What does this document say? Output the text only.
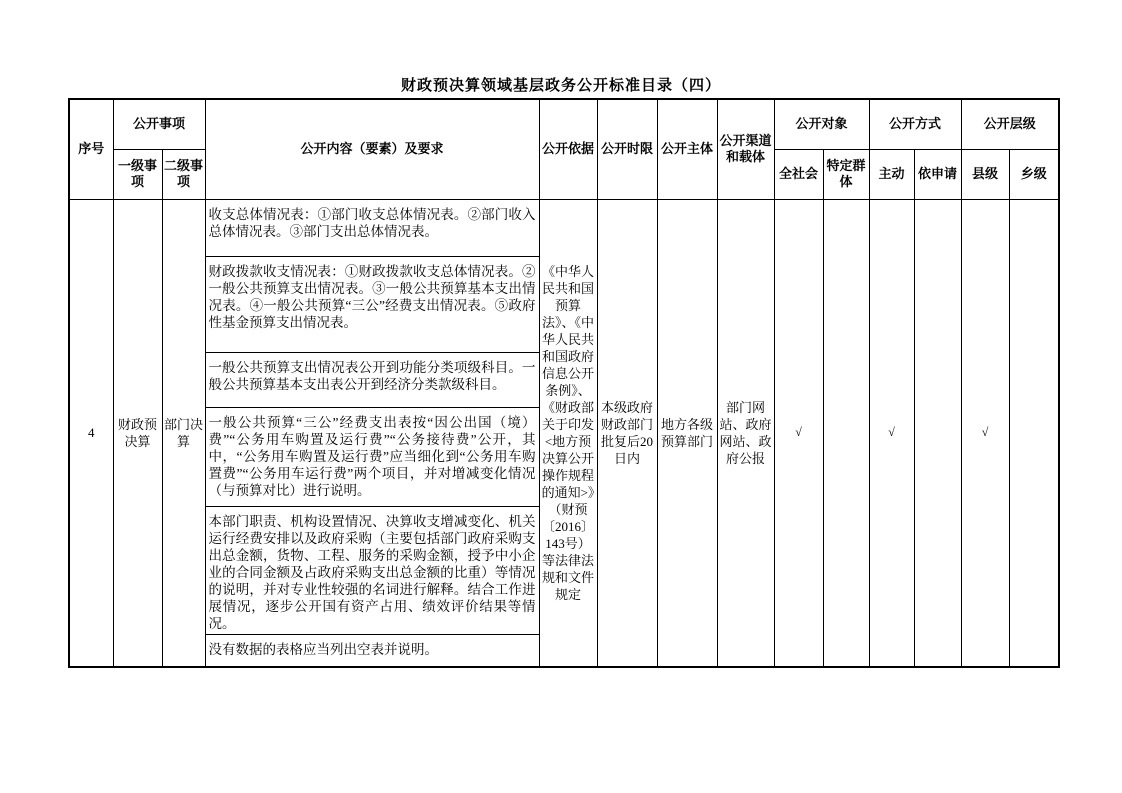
财政预决算领域基层政务公开标准目录（四）
序号	公开事项		公开内容（要素）及要求	公开依据	公开时限	公开主体	公开渠道和载体	公开对象		公开方式		公开层级	
	一级事项	二级事项						全社会	特定群体	主动	依申请	县级	乡级
4	财政预决算	部门决算	收支总体情况表：①部门收支总体情况表。②部门收入总体情况表。③部门支出总体情况表。	《中华人民共和国预算法》、《中华人民共和国政府信息公开条例》、《财政部关于印发<地方预决算公开操作规程的通知>》（财预〔2016〕143号）等法律法规和文件规定	本级政府财政部门批复后20日内	地方各级预算部门	部门网站、政府网站、政府公报	√		√		√	
			财政拨款收支情况表：①财政拨款收支总体情况表。②一般公共预算支出情况表。③一般公共预算基本支出情况表。④一般公共预算“三公”经费支出情况表。⑤政府性基金预算支出情况表。										
			一般公共预算支出情况表公开到功能分类项级科目。一般公共预算基本支出表公开到经济分类款级科目。										
			一般公共预算“三公”经费支出表按“因公出国（境）费”“公务用车购置及运行费”“公务接待费”公开，其中，“公务用车购置及运行费”应当细化到“公务用车购置费”“公务用车运行费”两个项目，并对增减变化情况（与预算对比）进行说明。										
			本部门职责、机构设置情况、决算收支增减变化、机关运行经费安排以及政府采购（主要包括部门政府采购支出总金额，货物、工程、服务的采购金额，授予中小企业的合同金额及占政府采购支出总金额的比重）等情况的说明，并对专业性较强的名词进行解释。结合工作进展情况，逐步公开国有资产占用、绩效评价结果等情况。										
			没有数据的表格应当列出空表并说明。										
